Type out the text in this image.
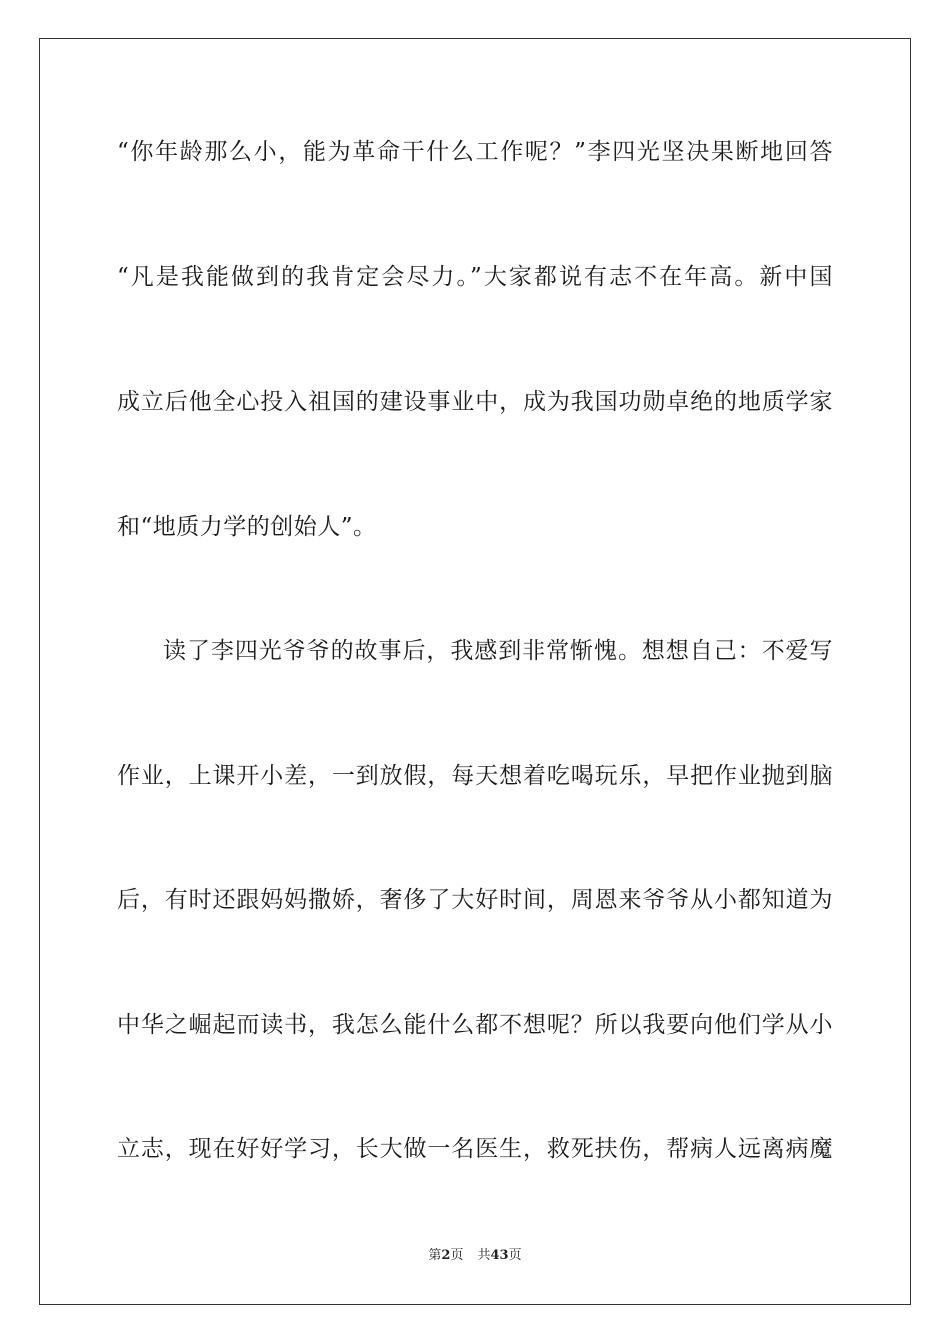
“你年龄那么小，能为革命干什么工作呢？”李四光坚决果断地回答
“凡是我能做到的我肯定会尽力。”大家都说有志不在年高。新中国
成立后他全心投入祖国的建设事业中，成为我国功勋卓绝的地质学家
和“地质力学的创始人”。
读了李四光爷爷的故事后，我感到非常惭愧。想想自己：不爱写
作业，上课开小差，一到放假，每天想着吃喝玩乐，早把作业抛到脑
后，有时还跟妈妈撒娇，奢侈了大好时间，周恩来爷爷从小都知道为
中华之崛起而读书，我怎么能什么都不想呢？所以我要向他们学从小
立志，现在好好学习，长大做一名医生，救死扶伤，帮病人远离病魔
第2页 共43页
